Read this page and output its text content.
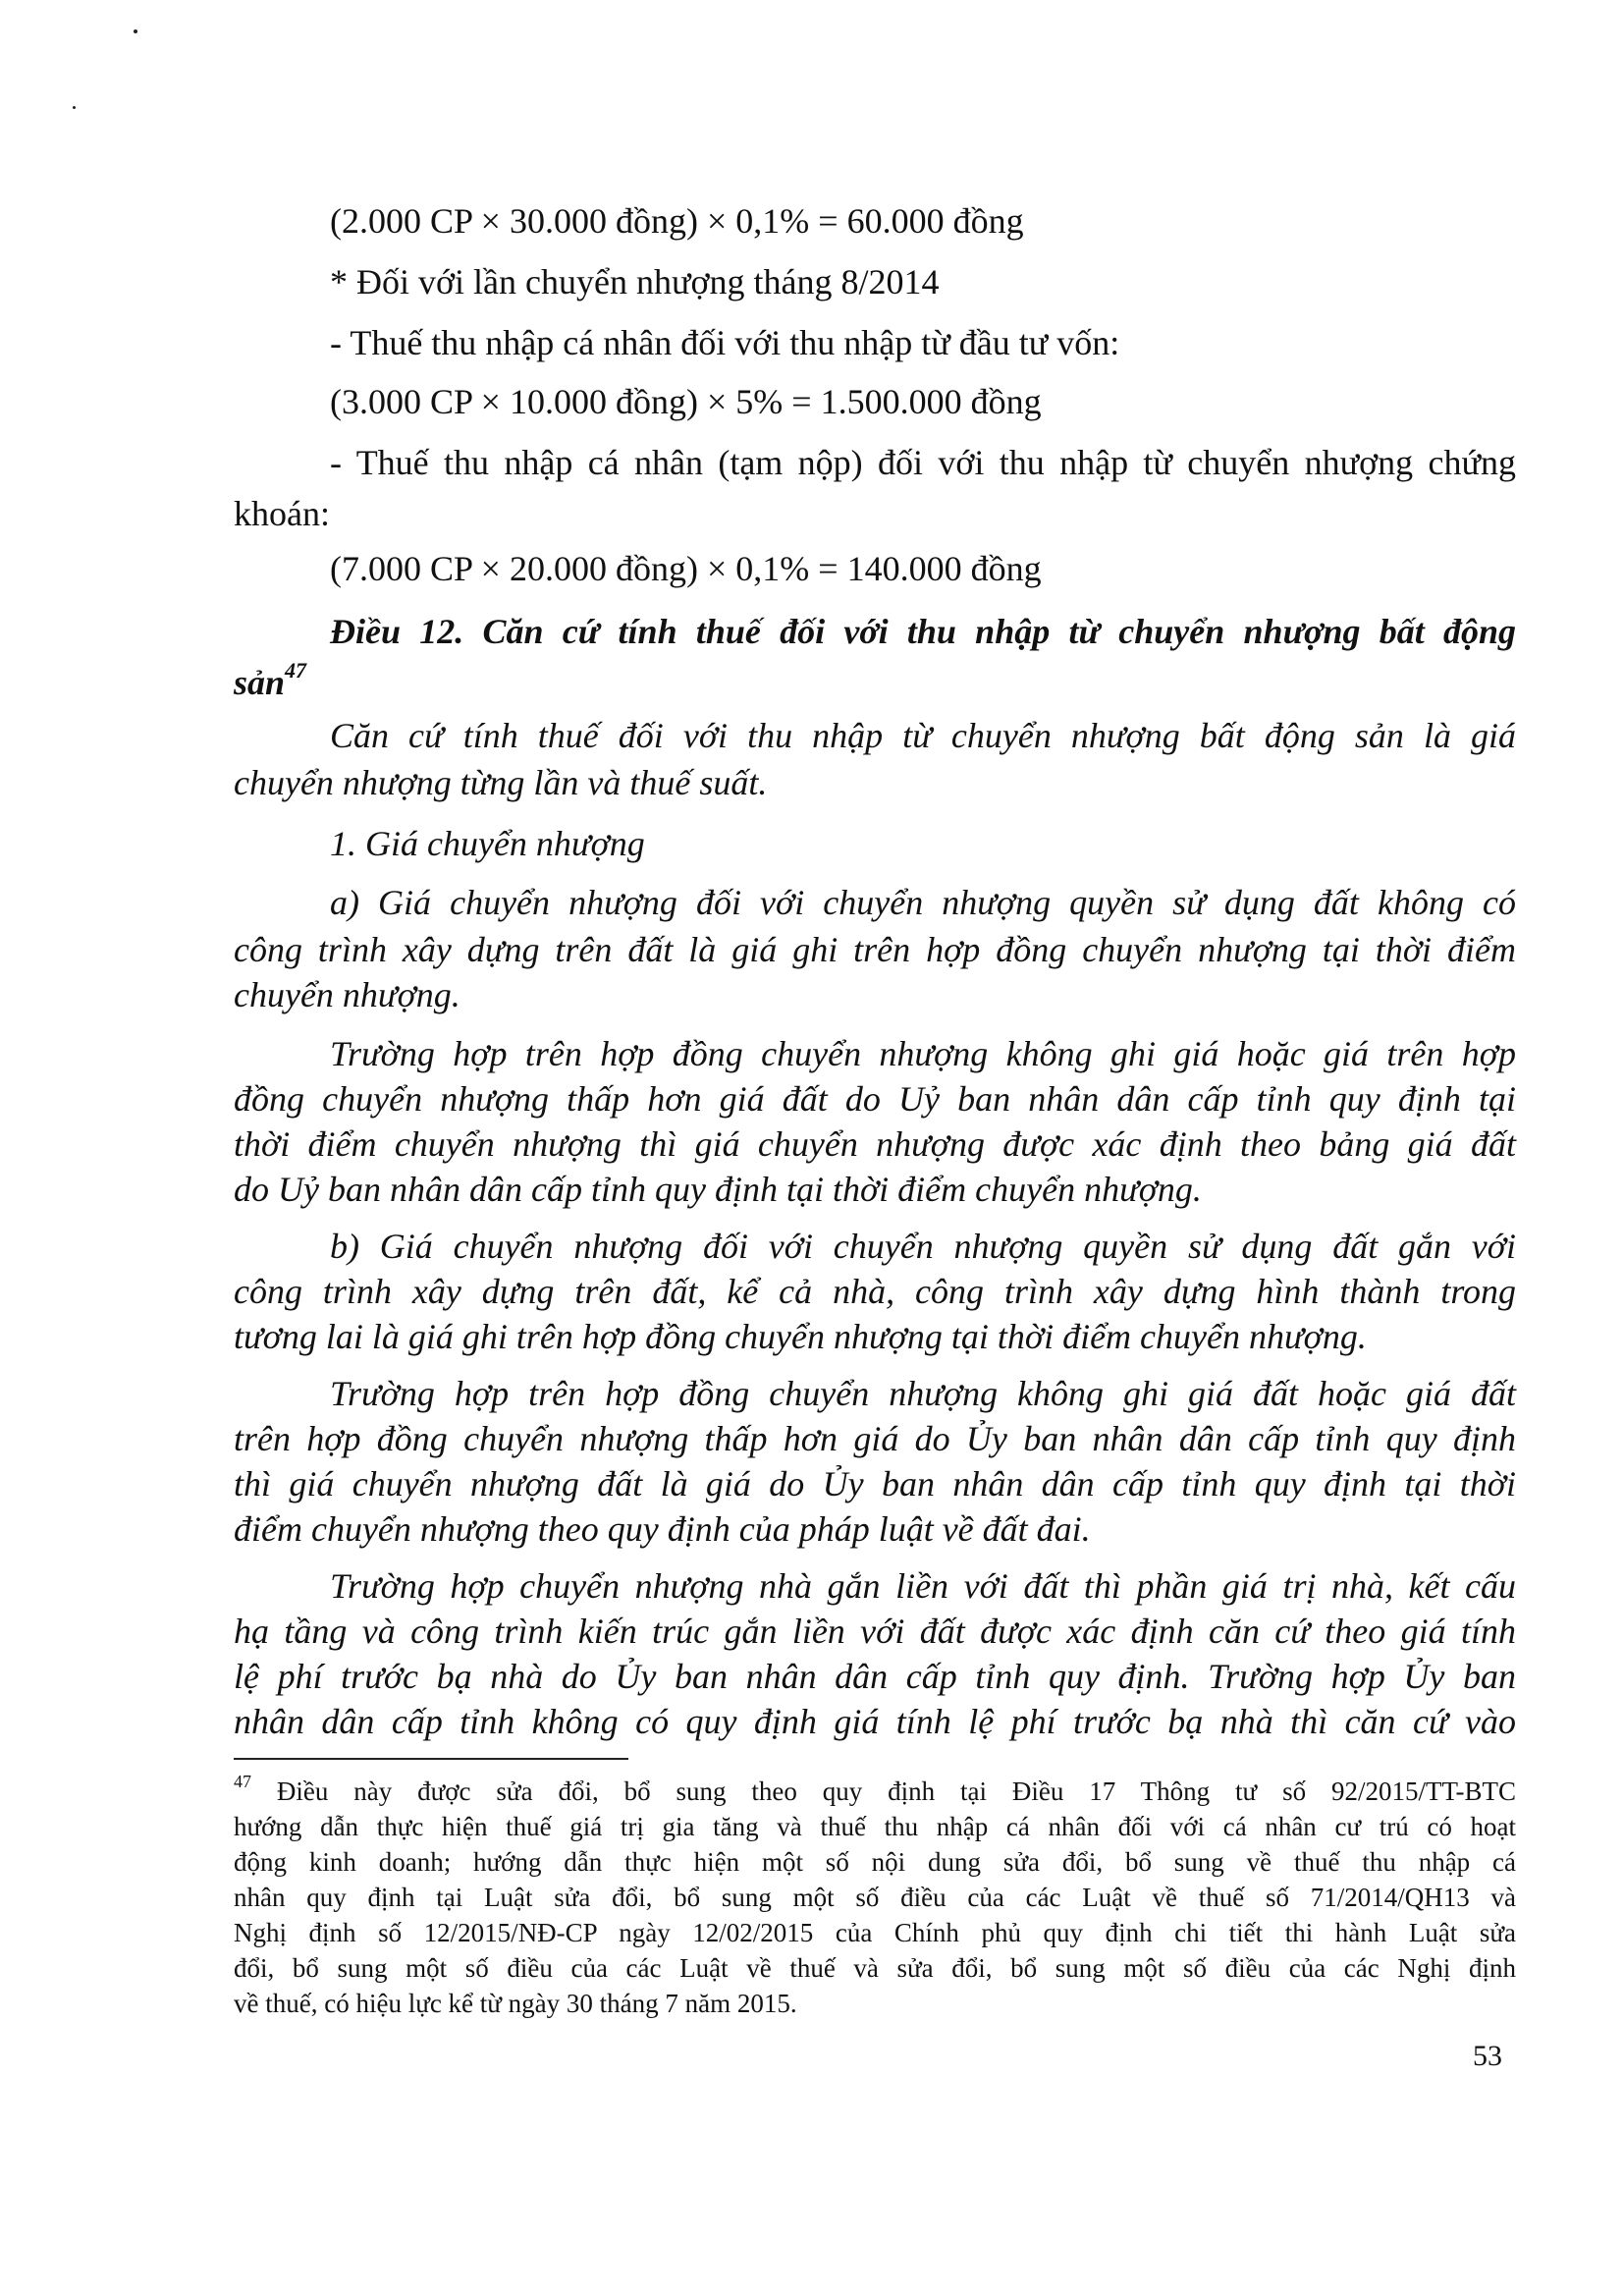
(2.000 CP × 30.000 đồng) × 0,1% = 60.000 đồng
* Đối với lần chuyển nhượng tháng 8/2014
- Thuế thu nhập cá nhân đối với thu nhập từ đầu tư vốn:
(3.000 CP × 10.000 đồng) × 5% = 1.500.000 đồng
- Thuế thu nhập cá nhân (tạm nộp) đối với thu nhập từ chuyển nhượng chứng
khoán:
(7.000 CP × 20.000 đồng) × 0,1% = 140.000 đồng
Điều 12. Căn cứ tính thuế đối với thu nhập từ chuyển nhượng bất động
sản$^{47}$
Căn cứ tính thuế đối với thu nhập từ chuyển nhượng bất động sản là giá
chuyển nhượng từng lần và thuế suất.
1. Giá chuyển nhượng
a) Giá chuyển nhượng đối với chuyển nhượng quyền sử dụng đất không có
công trình xây dựng trên đất là giá ghi trên hợp đồng chuyển nhượng tại thời điểm
chuyển nhượng.
Trường hợp trên hợp đồng chuyển nhượng không ghi giá hoặc giá trên hợp
đồng chuyển nhượng thấp hơn giá đất do Uỷ ban nhân dân cấp tỉnh quy định tại
thời điểm chuyển nhượng thì giá chuyển nhượng được xác định theo bảng giá đất
do Uỷ ban nhân dân cấp tỉnh quy định tại thời điểm chuyển nhượng.
b) Giá chuyển nhượng đối với chuyển nhượng quyền sử dụng đất gắn với
công trình xây dựng trên đất, kể cả nhà, công trình xây dựng hình thành trong
tương lai là giá ghi trên hợp đồng chuyển nhượng tại thời điểm chuyển nhượng.
Trường hợp trên hợp đồng chuyển nhượng không ghi giá đất hoặc giá đất
trên hợp đồng chuyển nhượng thấp hơn giá do Ủy ban nhân dân cấp tỉnh quy định
thì giá chuyển nhượng đất là giá do Ủy ban nhân dân cấp tỉnh quy định tại thời
điểm chuyển nhượng theo quy định của pháp luật về đất đai.
Trường hợp chuyển nhượng nhà gắn liền với đất thì phần giá trị nhà, kết cấu
hạ tầng và công trình kiến trúc gắn liền với đất được xác định căn cứ theo giá tính
lệ phí trước bạ nhà do Ủy ban nhân dân cấp tỉnh quy định. Trường hợp Ủy ban
nhân dân cấp tỉnh không có quy định giá tính lệ phí trước bạ nhà thì căn cứ vào
$^{47}$ Điều này được sửa đổi, bổ sung theo quy định tại Điều 17 Thông tư số 92/2015/TT-BTC
hướng dẫn thực hiện thuế giá trị gia tăng và thuế thu nhập cá nhân đối với cá nhân cư trú có hoạt
động kinh doanh; hướng dẫn thực hiện một số nội dung sửa đổi, bổ sung về thuế thu nhập cá
nhân quy định tại Luật sửa đổi, bổ sung một số điều của các Luật về thuế số 71/2014/QH13 và
Nghị định số 12/2015/NĐ-CP ngày 12/02/2015 của Chính phủ quy định chi tiết thi hành Luật sửa
đổi, bổ sung một số điều của các Luật về thuế và sửa đổi, bổ sung một số điều của các Nghị định
về thuế, có hiệu lực kể từ ngày 30 tháng 7 năm 2015.
53
